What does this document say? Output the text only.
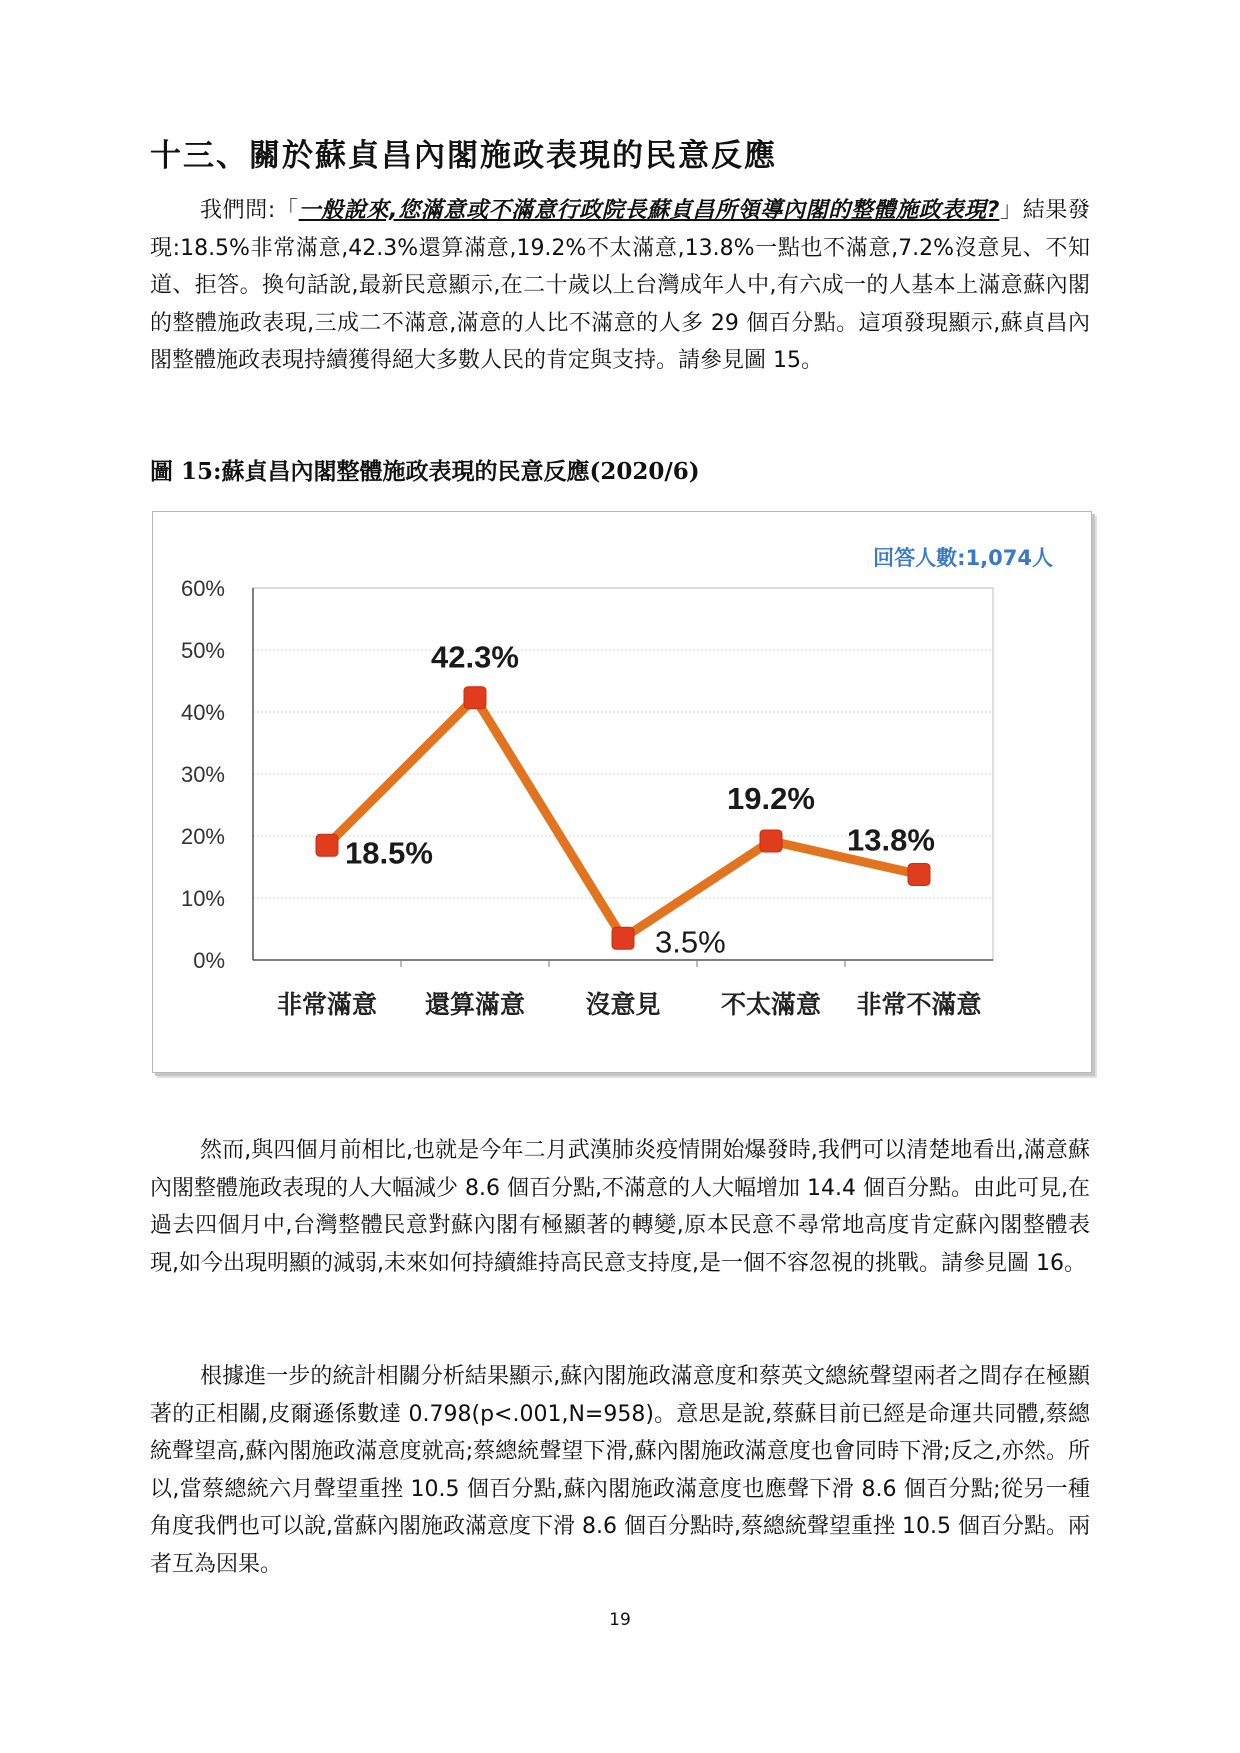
十三、關於蘇貞昌內閣施政表現的民意反應

我們問:「一般說來,您滿意或不滿意行政院長蘇貞昌所領導內閣的整體施政表現?」結果發現:18.5%非常滿意,42.3%還算滿意,19.2%不太滿意,13.8%一點也不滿意,7.2%沒意見、不知道、拒答。換句話說,最新民意顯示,在二十歲以上台灣成年人中,有六成一的人基本上滿意蘇內閣的整體施政表現,三成二不滿意,滿意的人比不滿意的人多 29 個百分點。這項發現顯示,蘇貞昌內閣整體施政表現持續獲得絕大多數人民的肯定與支持。請參見圖 15。

圖 15:蘇貞昌內閣整體施政表現的民意反應(2020/6)

回答人數:1,074人
0%
10%
20%
30%
40%
50%
60%
非常滿意 還算滿意 沒意見 不太滿意 非常不滿意
18.5%
42.3%
3.5%
19.2%
13.8%

然而,與四個月前相比,也就是今年二月武漢肺炎疫情開始爆發時,我們可以清楚地看出,滿意蘇內閣整體施政表現的人大幅減少 8.6 個百分點,不滿意的人大幅增加 14.4 個百分點。由此可見,在過去四個月中,台灣整體民意對蘇內閣有極顯著的轉變,原本民意不尋常地高度肯定蘇內閣整體表現,如今出現明顯的減弱,未來如何持續維持高民意支持度,是一個不容忽視的挑戰。請參見圖 16。

根據進一步的統計相關分析結果顯示,蘇內閣施政滿意度和蔡英文總統聲望兩者之間存在極顯著的正相關,皮爾遜係數達 0.798(p<.001,N=958)。意思是說,蔡蘇目前已經是命運共同體,蔡總統聲望高,蘇內閣施政滿意度就高;蔡總統聲望下滑,蘇內閣施政滿意度也會同時下滑;反之,亦然。所以,當蔡總統六月聲望重挫 10.5 個百分點,蘇內閣施政滿意度也應聲下滑 8.6 個百分點;從另一種角度我們也可以說,當蘇內閣施政滿意度下滑 8.6 個百分點時,蔡總統聲望重挫 10.5 個百分點。兩者互為因果。

19
